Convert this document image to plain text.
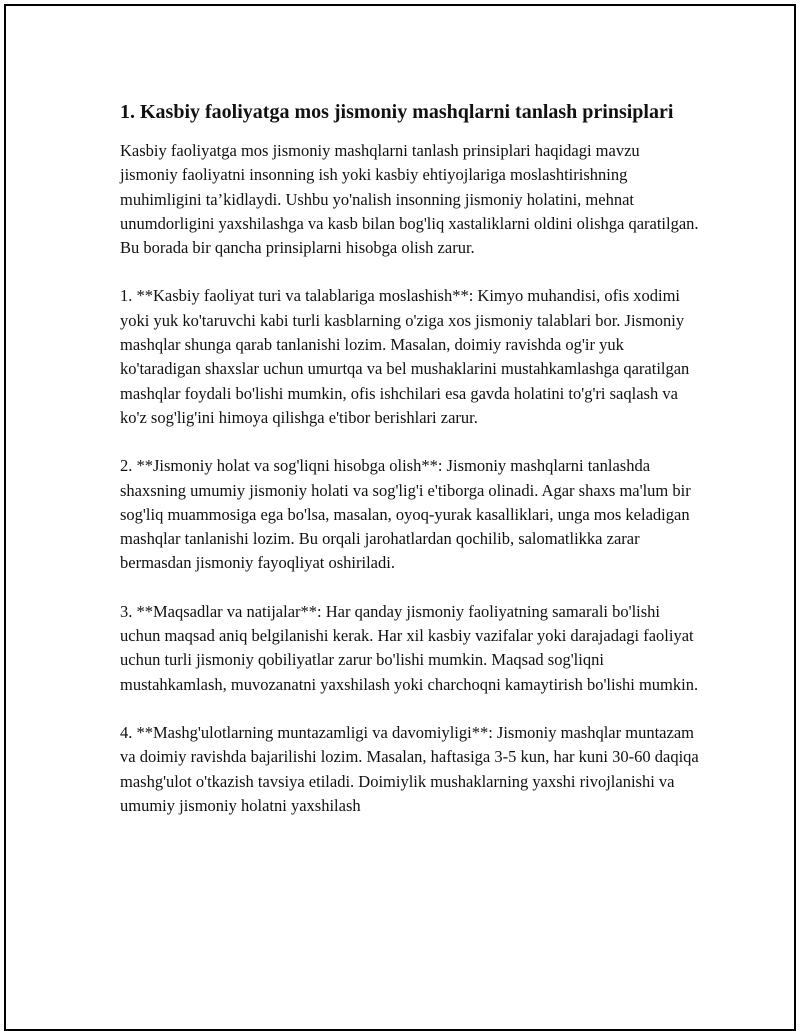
1. Kasbiy faoliyatga mos jismoniy mashqlarni tanlash prinsiplari

Kasbiy faoliyatga mos jismoniy mashqlarni tanlash prinsiplari haqidagi mavzu jismoniy faoliyatni insonning ish yoki kasbiy ehtiyojlariga moslashtirishning muhimligini ta’kidlaydi. Ushbu yo'nalish insonning jismoniy holatini, mehnat unumdorligini yaxshilashga va kasb bilan bog'liq xastaliklarni oldini olishga qaratilgan. Bu borada bir qancha prinsiplarni hisobga olish zarur.

1. **Kasbiy faoliyat turi va talablariga moslashish**: Kimyo muhandisi, ofis xodimi yoki yuk ko'taruvchi kabi turli kasblarning o'ziga xos jismoniy talablari bor. Jismoniy mashqlar shunga qarab tanlanishi lozim. Masalan, doimiy ravishda og'ir yuk ko'taradigan shaxslar uchun umurtqa va bel mushaklarini mustahkamlashga qaratilgan mashqlar foydali bo'lishi mumkin, ofis ishchilari esa gavda holatini to'g'ri saqlash va ko'z sog'lig'ini himoya qilishga e'tibor berishlari zarur.

2. **Jismoniy holat va sog'liqni hisobga olish**: Jismoniy mashqlarni tanlashda shaxsning umumiy jismoniy holati va sog'lig'i e'tiborga olinadi. Agar shaxs ma'lum bir sog'liq muammosiga ega bo'lsa, masalan, oyoq-yurak kasalliklari, unga mos keladigan mashqlar tanlanishi lozim. Bu orqali jarohatlardan qochilib, salomatlikka zarar bermasdan jismoniy fayoqliyat oshiriladi.

3. **Maqsadlar va natijalar**: Har qanday jismoniy faoliyatning samarali bo'lishi uchun maqsad aniq belgilanishi kerak. Har xil kasbiy vazifalar yoki darajadagi faoliyat uchun turli jismoniy qobiliyatlar zarur bo'lishi mumkin. Maqsad sog'liqni mustahkamlash, muvozanatni yaxshilash yoki charchoqni kamaytirish bo'lishi mumkin.

4. **Mashg'ulotlarning muntazamligi va davomiyligi**: Jismoniy mashqlar muntazam va doimiy ravishda bajarilishi lozim. Masalan, haftasiga 3-5 kun, har kuni 30-60 daqiqa mashg'ulot o'tkazish tavsiya etiladi. Doimiylik mushaklarning yaxshi rivojlanishi va umumiy jismoniy holatni yaxshilash
